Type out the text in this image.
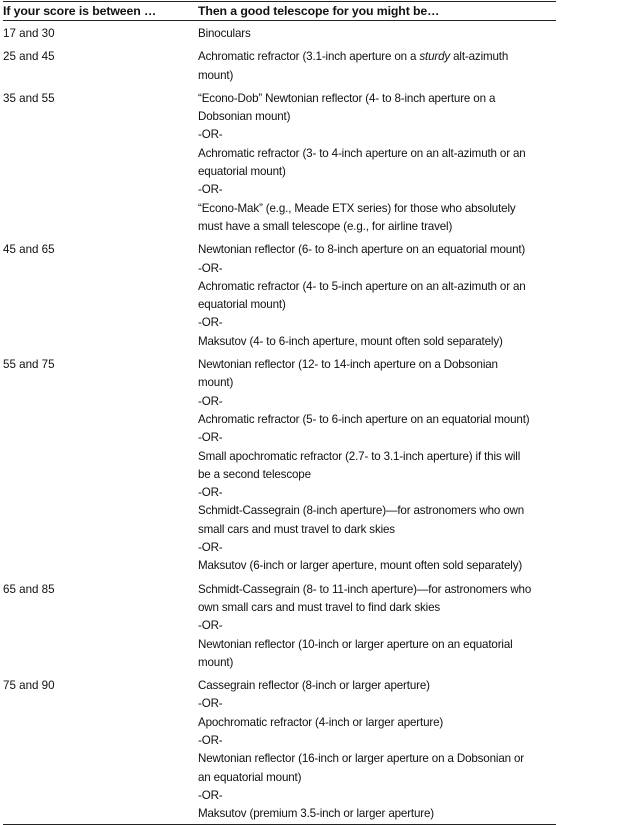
If your score is between …	Then a good telescope for you might be…
17 and 30	Binoculars
25 and 45	Achromatic refractor (3.1-inch aperture on a sturdy alt-azimuth
mount)
35 and 55	“Econo-Dob” Newtonian reflector (4- to 8-inch aperture on a
Dobsonian mount)
-OR-
Achromatic refractor (3- to 4-inch aperture on an alt-azimuth or an
equatorial mount)
-OR-
“Econo-Mak” (e.g., Meade ETX series) for those who absolutely
must have a small telescope (e.g., for airline travel)
45 and 65	Newtonian reflector (6- to 8-inch aperture on an equatorial mount)
-OR-
Achromatic refractor (4- to 5-inch aperture on an alt-azimuth or an
equatorial mount)
-OR-
Maksutov (4- to 6-inch aperture, mount often sold separately)
55 and 75	Newtonian reflector (12- to 14-inch aperture on a Dobsonian
mount)
-OR-
Achromatic refractor (5- to 6-inch aperture on an equatorial mount)
-OR-
Small apochromatic refractor (2.7- to 3.1-inch aperture) if this will
be a second telescope
-OR-
Schmidt-Cassegrain (8-inch aperture)—for astronomers who own
small cars and must travel to dark skies
-OR-
Maksutov (6-inch or larger aperture, mount often sold separately)
65 and 85	Schmidt-Cassegrain (8- to 11-inch aperture)—for astronomers who
own small cars and must travel to find dark skies
-OR-
Newtonian reflector (10-inch or larger aperture on an equatorial
mount)
75 and 90	Cassegrain reflector (8-inch or larger aperture)
-OR-
Apochromatic refractor (4-inch or larger aperture)
-OR-
Newtonian reflector (16-inch or larger aperture on a Dobsonian or
an equatorial mount)
-OR-
Maksutov (premium 3.5-inch or larger aperture)
